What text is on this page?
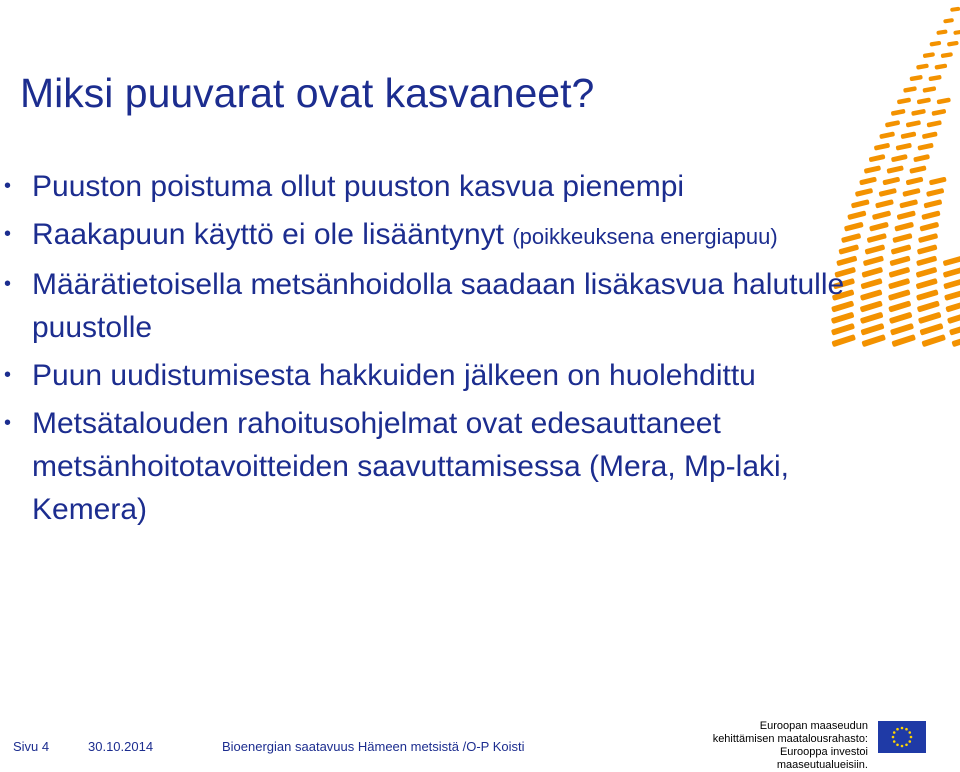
Miksi puuvarat ovat kasvaneet?
• Puuston poistuma ollut puuston kasvua pienempi
• Raakapuun käyttö ei ole lisääntynyt (poikkeuksena energiapuu)
• Määrätietoisella metsänhoidolla saadaan lisäkasvua halutulle puustolle
• Puun uudistumisesta hakkuiden jälkeen on huolehdittu
• Metsätalouden rahoitusohjelmat ovat edesauttaneet metsänhoitotavoitteiden saavuttamisessa (Mera, Mp-laki, Kemera)
Sivu 4	30.10.2014	Bioenergian saatavuus Hämeen metsistä /O-P Koisti
Euroopan maaseudun
kehittämisen maatalousrahasto:
Eurooppa investoi maaseutualueisiin.
